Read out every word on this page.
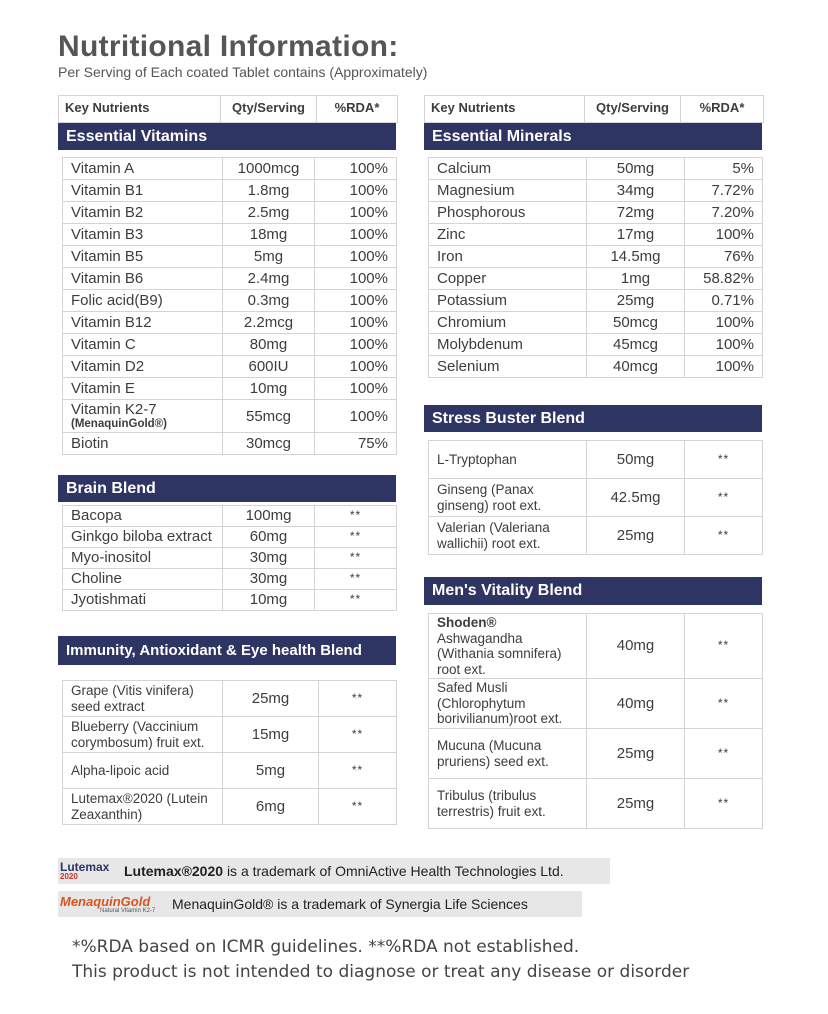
Nutritional Information:
Per Serving of Each coated Tablet contains (Approximately)
Key Nutrients	Qty/Serving	%RDA*
Essential Vitamins
Vitamin A	1000mcg	100%
Vitamin B1	1.8mg	100%
Vitamin B2	2.5mg	100%
Vitamin B3	18mg	100%
Vitamin B5	5mg	100%
Vitamin B6	2.4mg	100%
Folic acid(B9)	0.3mg	100%
Vitamin B12	2.2mcg	100%
Vitamin C	80mg	100%
Vitamin D2	600IU	100%
Vitamin E	10mg	100%
Vitamin K2-7
(MenaquinGold®)	55mcg	100%
Biotin	30mcg	75%
Brain Blend
Bacopa	100mg	**
Ginkgo biloba extract	60mg	**
Myo-inositol	30mg	**
Choline	30mg	**
Jyotishmati	10mg	**
Immunity, Antioxidant & Eye health Blend
Grape (Vitis vinifera) seed extract	25mg	**
Blueberry (Vaccinium corymbosum) fruit ext.	15mg	**
Alpha-lipoic acid	5mg	**
Lutemax®2020 (Lutein Zeaxanthin)	6mg	**
Key Nutrients	Qty/Serving	%RDA*
Essential Minerals
Calcium	50mg	5%
Magnesium	34mg	7.72%
Phosphorous	72mg	7.20%
Zinc	17mg	100%
Iron	14.5mg	76%
Copper	1mg	58.82%
Potassium	25mg	0.71%
Chromium	50mcg	100%
Molybdenum	45mcg	100%
Selenium	40mcg	100%
Stress Buster Blend
L-Tryptophan	50mg	**
Ginseng (Panax ginseng) root ext.	42.5mg	**
Valerian (Valeriana wallichii) root ext.	25mg	**
Men's Vitality Blend
Shoden®
Ashwagandha (Withania somnifera) root ext.	40mg	**
Safed Musli (Chlorophytum borivilianum)root ext.	40mg	**
Mucuna (Mucuna pruriens) seed ext.	25mg	**
Tribulus (tribulus terrestris) fruit ext.	25mg	**
Lutemax
2020	Lutemax®2020
is a trademark of OmniActive Health Technologies Ltd.
MenaquinGold
Natural Vitamin K2-7	MenaquinGold®
is a trademark of Synergia Life Sciences
*%RDA based on ICMR guidelines. **%RDA not established.
This product is not intended to diagnose or treat any disease or disorder
